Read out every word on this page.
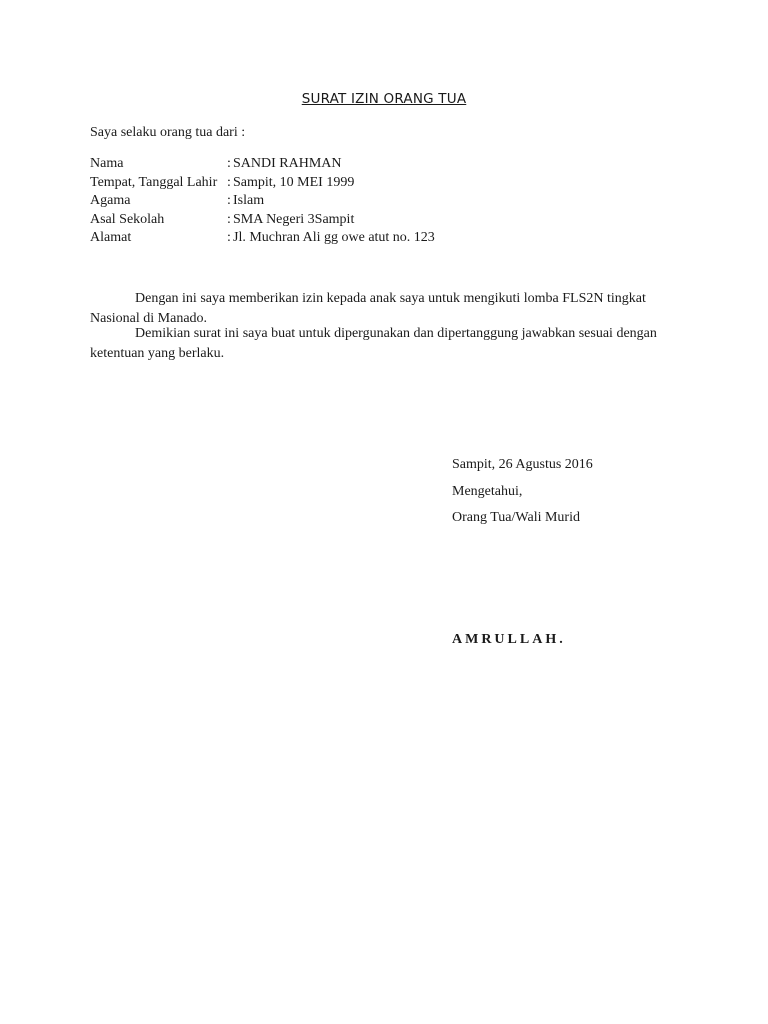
SURAT IZIN ORANG TUA
Saya selaku orang tua dari :
Nama	: SANDI RAHMAN
Tempat, Tanggal Lahir : Sampit, 10 MEI 1999
Agama	: Islam
Asal Sekolah	: SMA Negeri 3Sampit
Alamat	: Jl. Muchran Ali gg owe atut no. 123
Dengan ini saya memberikan izin kepada anak saya untuk mengikuti lomba FLS2N tingkat Nasional di Manado.
Demikian surat ini saya buat untuk dipergunakan dan dipertanggung jawabkan sesuai dengan ketentuan yang berlaku.
Sampit, 26 Agustus 2016
Mengetahui,
Orang Tua/Wali Murid
AMRULLAH.
